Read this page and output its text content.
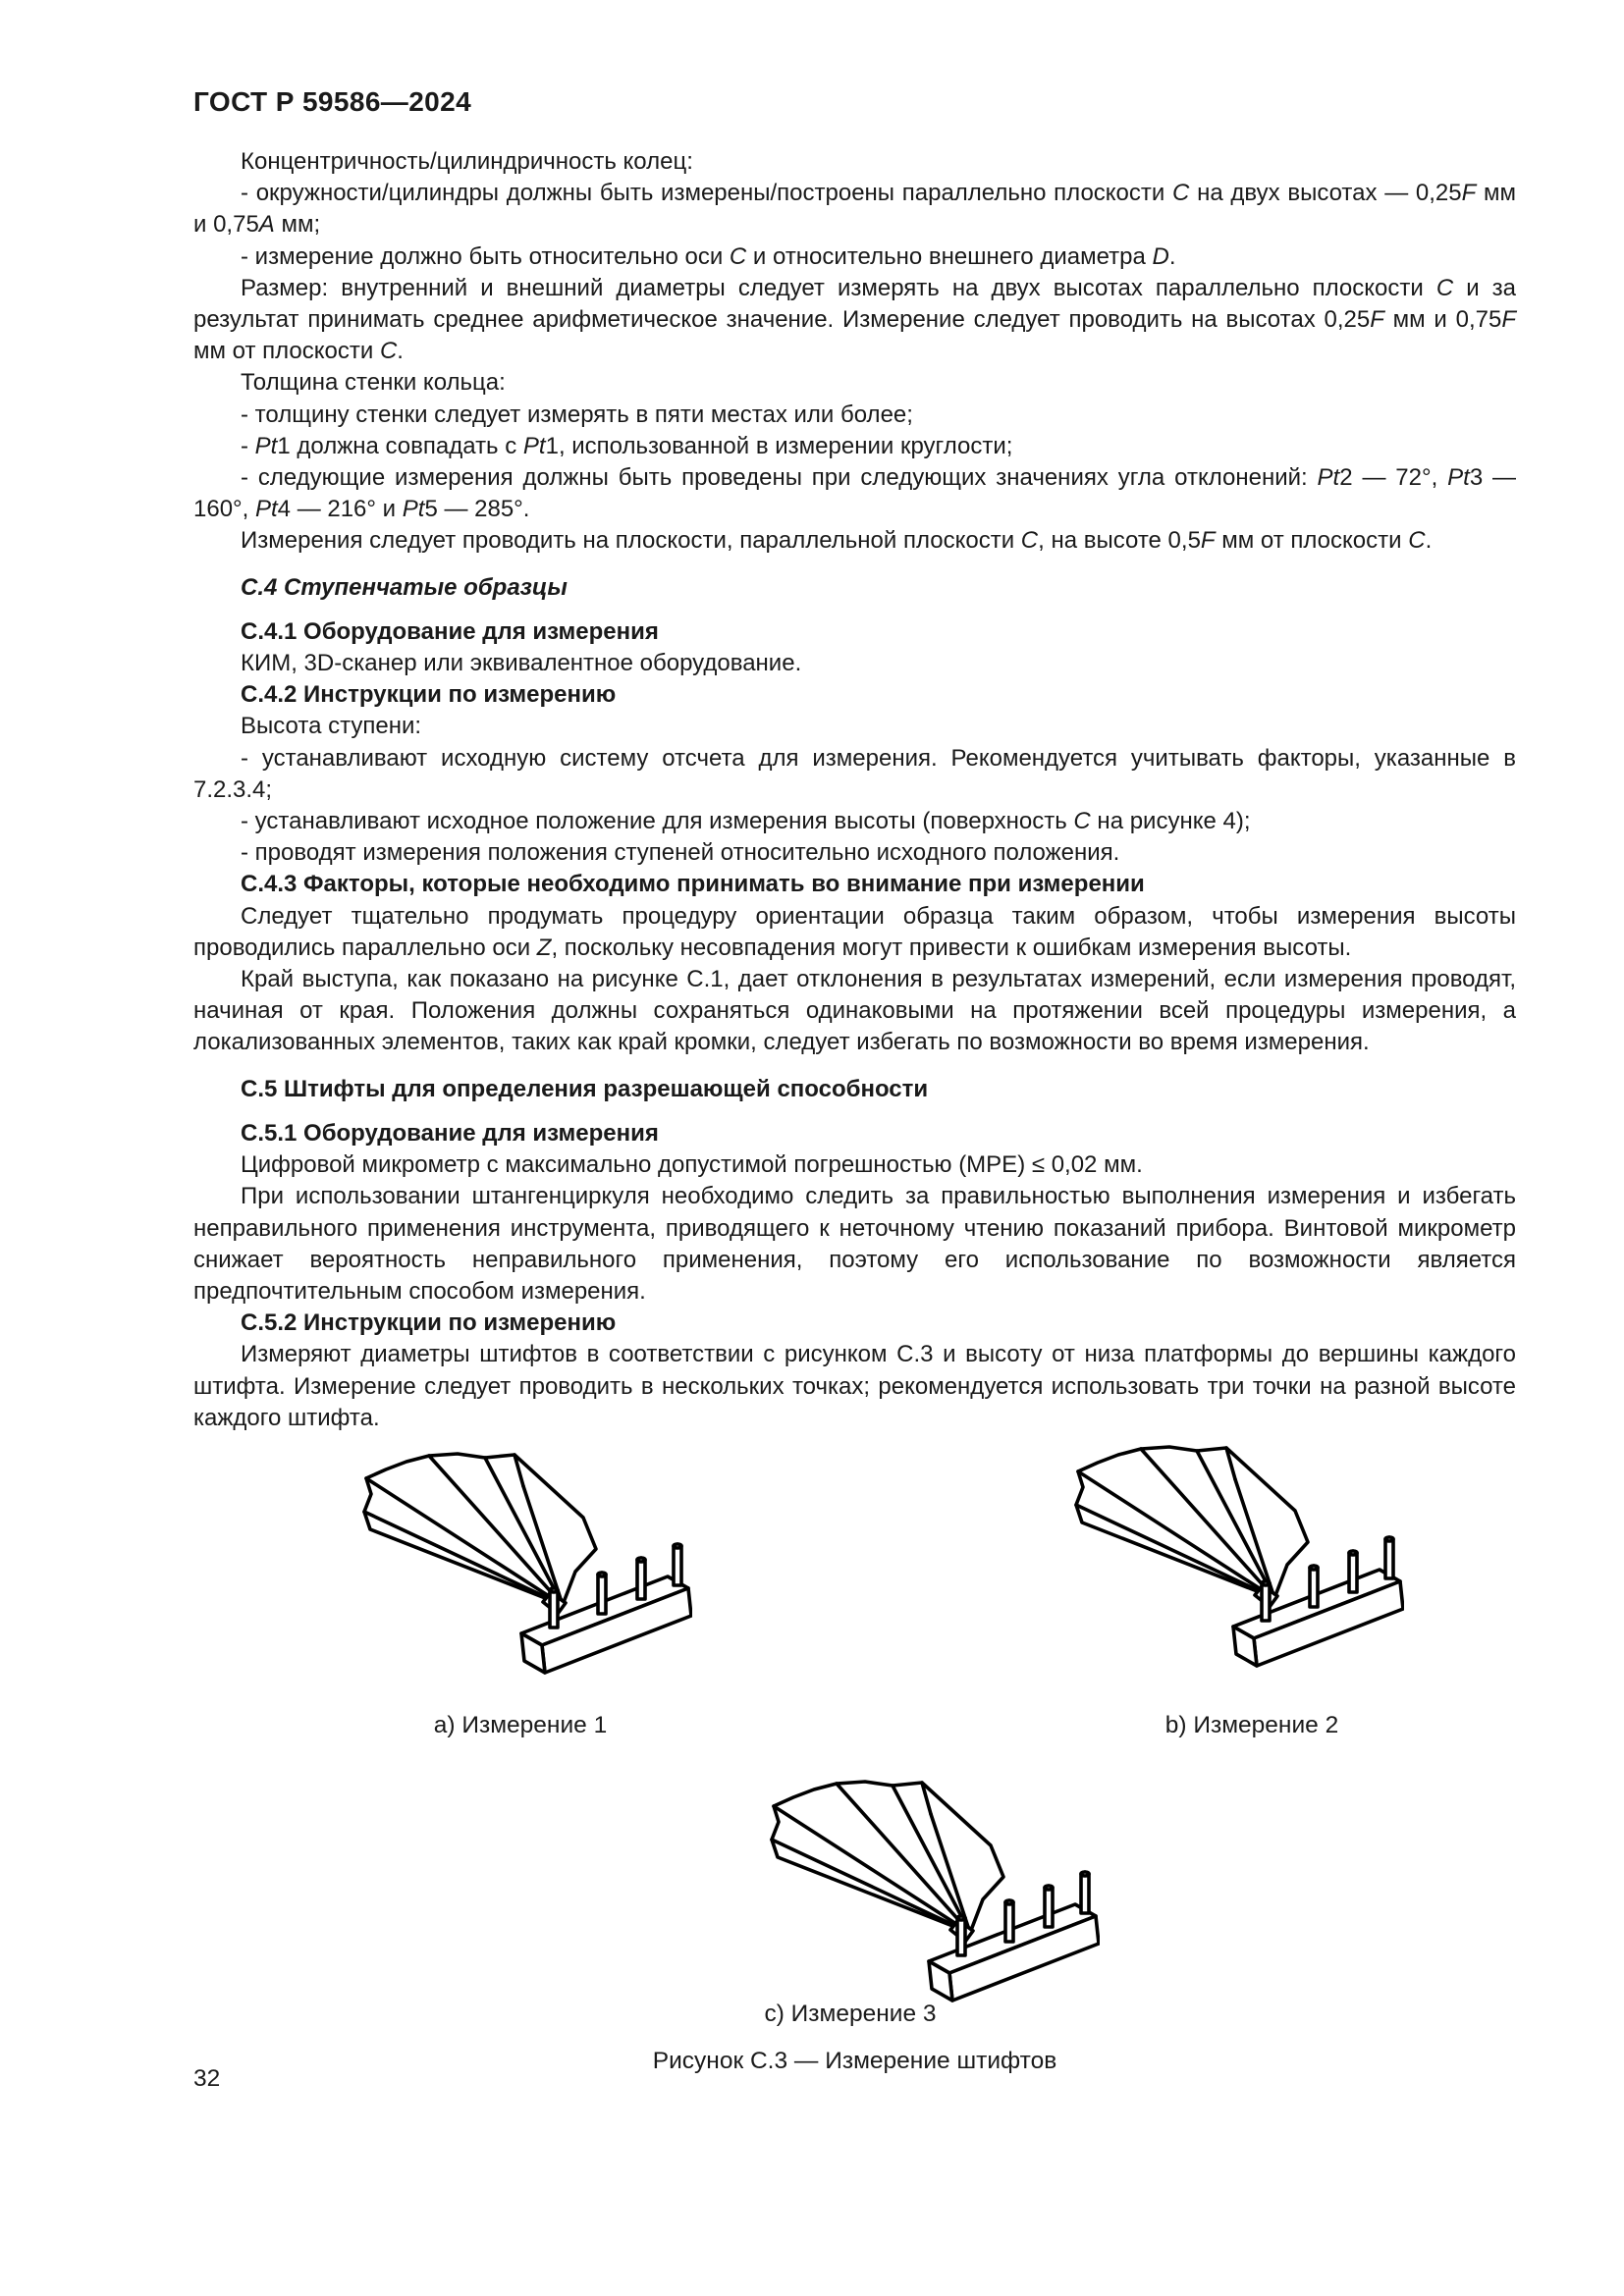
ГОСТ Р 59586—2024

Концентричность/цилиндричность колец:

- окружности/цилиндры должны быть измерены/построены параллельно плоскости C на двух высотах — 0,25F мм и 0,75A мм;

- измерение должно быть относительно оси C и относительно внешнего диаметра D.

Размер: внутренний и внешний диаметры следует измерять на двух высотах параллельно плоскости C и за результат принимать среднее арифметическое значение. Измерение следует проводить на высотах 0,25F мм и 0,75F мм от плоскости C.

Толщина стенки кольца:

- толщину стенки следует измерять в пяти местах или более;

- Pt1 должна совпадать с Pt1, использованной в измерении круглости;

- следующие измерения должны быть проведены при следующих значениях угла отклонений: Pt2 — 72°, Pt3 — 160°, Pt4 — 216° и Pt5 — 285°.

Измерения следует проводить на плоскости, параллельной плоскости C, на высоте 0,5F мм от плоскости C.

С.4 Ступенчатые образцы

С.4.1 Оборудование для измерения

КИМ, 3D-сканер или эквивалентное оборудование.

С.4.2 Инструкции по измерению

Высота ступени:

- устанавливают исходную систему отсчета для измерения. Рекомендуется учитывать факторы, указанные в 7.2.3.4;

- устанавливают исходное положение для измерения высоты (поверхность C на рисунке 4);

- проводят измерения положения ступеней относительно исходного положения.

С.4.3 Факторы, которые необходимо принимать во внимание при измерении

Следует тщательно продумать процедуру ориентации образца таким образом, чтобы измерения высоты проводились параллельно оси Z, поскольку несовпадения могут привести к ошибкам измерения высоты.

Край выступа, как показано на рисунке С.1, дает отклонения в результатах измерений, если измерения проводят, начиная от края. Положения должны сохраняться одинаковыми на протяжении всей процедуры измерения, а локализованных элементов, таких как край кромки, следует избегать по возможности во время измерения.

С.5 Штифты для определения разрешающей способности

С.5.1 Оборудование для измерения

Цифровой микрометр с максимально допустимой погрешностью (MPE) ≤ 0,02 мм.

При использовании штангенциркуля необходимо следить за правильностью выполнения измерения и избегать неправильного применения инструмента, приводящего к неточному чтению показаний прибора. Винтовой микрометр снижает вероятность неправильного применения, поэтому его использование по возможности является предпочтительным способом измерения.

С.5.2 Инструкции по измерению

Измеряют диаметры штифтов в соответствии с рисунком С.3 и высоту от низа платформы до вершины каждого штифта. Измерение следует проводить в нескольких точках; рекомендуется использовать три точки на разной высоте каждого штифта.

a) Измерение 1	b) Измерение 2
c) Измерение 3
Рисунок С.3 — Измерение штифтов
32
